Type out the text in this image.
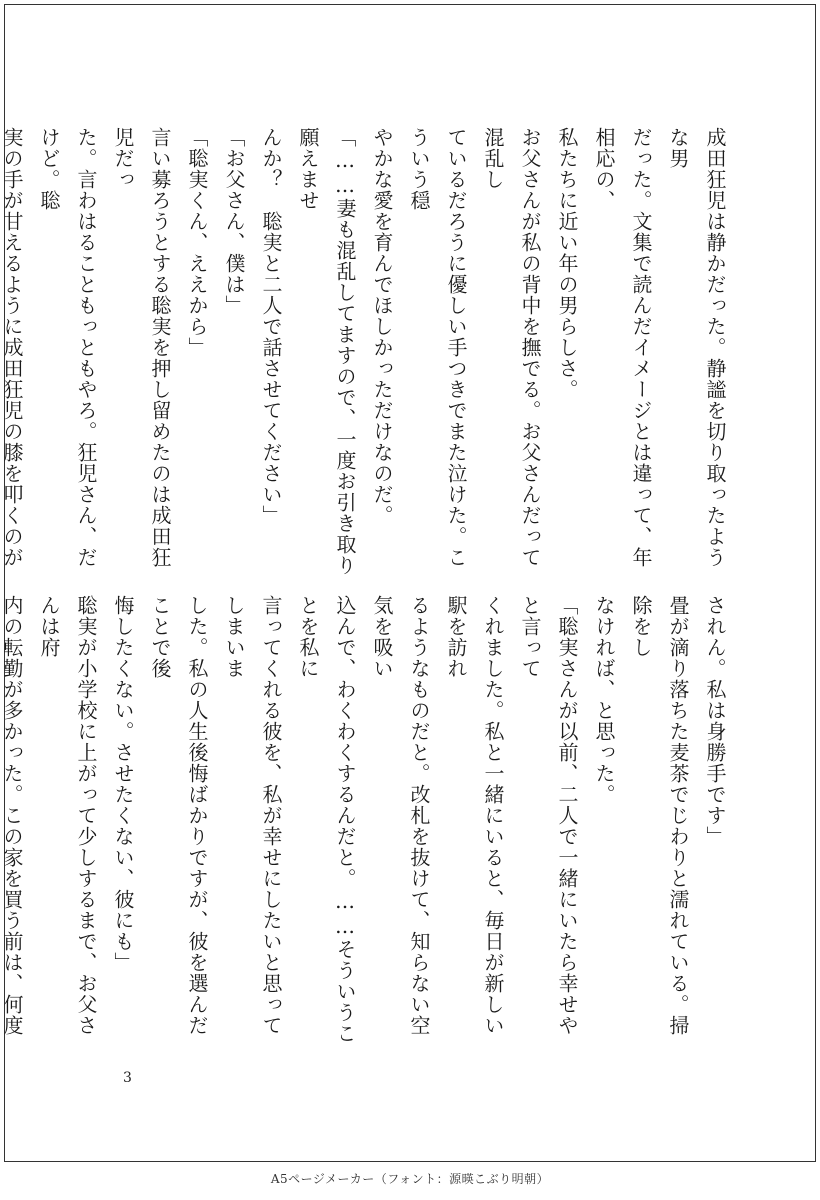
成田狂児は静かだった。静謐を切り取ったような男

だった。文集で読んだイメージとは違って、年相応の、

私たちに近い年の男らしさ。

お父さんが私の背中を撫でる。お父さんだって混乱し

ているだろうに優しい手つきでまた泣けた。こういう穏

やかな愛を育んでほしかっただけなのだ。

「……妻も混乱してますので、一度お引き取り願えませ

んか？　聡実と二人で話させてください」

「お父さん、僕は」

「聡実くん、ええから」

言い募ろうとする聡実を押し留めたのは成田狂児だっ

た。言わはることもっともやろ。狂児さん、だけど。聡

実の手が甘えるように成田狂児の膝を叩くのが

されん。私は身勝手です」

畳が滴り落ちた麦茶でじわりと濡れている。掃除をし

なければ、と思った。

「聡実さんが以前、二人で一緒にいたら幸せやと言って

くれました。私と一緒にいると、毎日が新しい駅を訪れ

るようなものだと。改札を抜けて、知らない空気を吸い

込んで、わくわくするんだと。……そういうことを私に

言ってくれる彼を、私が幸せにしたいと思ってしまいま

した。私の人生後悔ばかりですが、彼を選んだことで後

悔したくない。させたくない、彼にも」

聡実が小学校に上がって少しするまで、お父さんは府

内の転勤が多かった。この家を買う前は、何度

3
A5ページメーカー（フォント：源暎こぶり明朝）
